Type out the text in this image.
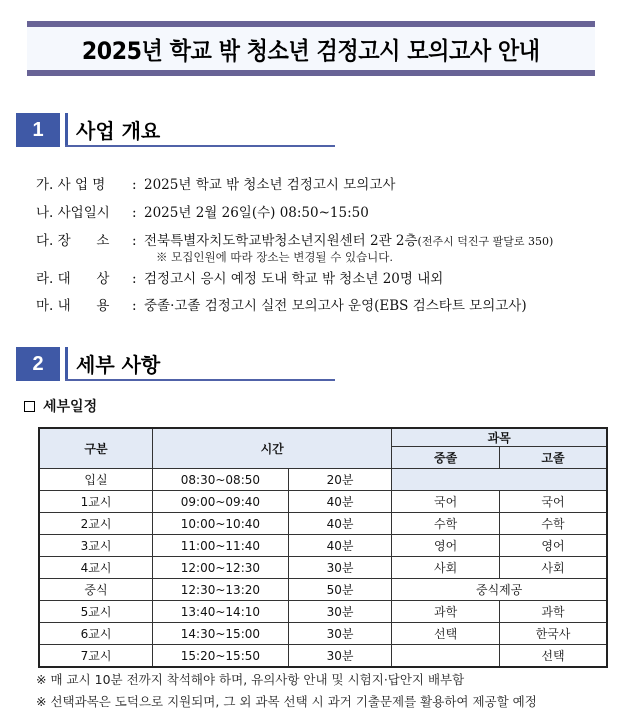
2025년 학교 밖 청소년 검정고시 모의고사 안내
1	사업 개요
가. 사 업 명 : 2025년 학교 밖 청소년 검정고시 모의고사
나. 사업일시 : 2025년 2월 26일(수) 08:50~15:50
다. 장      소 : 전북특별자치도학교밖청소년지원센터 2관 2층(전주시 덕진구 팔달로 350)
※ 모집인원에 따라 장소는 변경될 수 있습니다.
라. 대      상 : 검정고시 응시 예정 도내 학교 밖 청소년 20명 내외
마. 내      용 : 중졸·고졸 검정고시 실전 모의고사 운영(EBS 검스타트 모의고사)
2	세부 사항
세부일정
구분	시간		과목	
			중졸	고졸
입실	08:30~08:50	20분		
1교시	09:00~09:40	40분	국어	국어
2교시	10:00~10:40	40분	수학	수학
3교시	11:00~11:40	40분	영어	영어
4교시	12:00~12:30	30분	사회	사회
중식	12:30~13:20	50분	중식제공	
5교시	13:40~14:10	30분	과학	과학
6교시	14:30~15:00	30분	선택	한국사
7교시	15:20~15:50	30분		선택
※ 매 교시 10분 전까지 착석해야 하며, 유의사항 안내 및 시험지·답안지 배부함
※ 선택과목은 도덕으로 지원되며, 그 외 과목 선택 시 과거 기출문제를 활용하여 제공할 예정
